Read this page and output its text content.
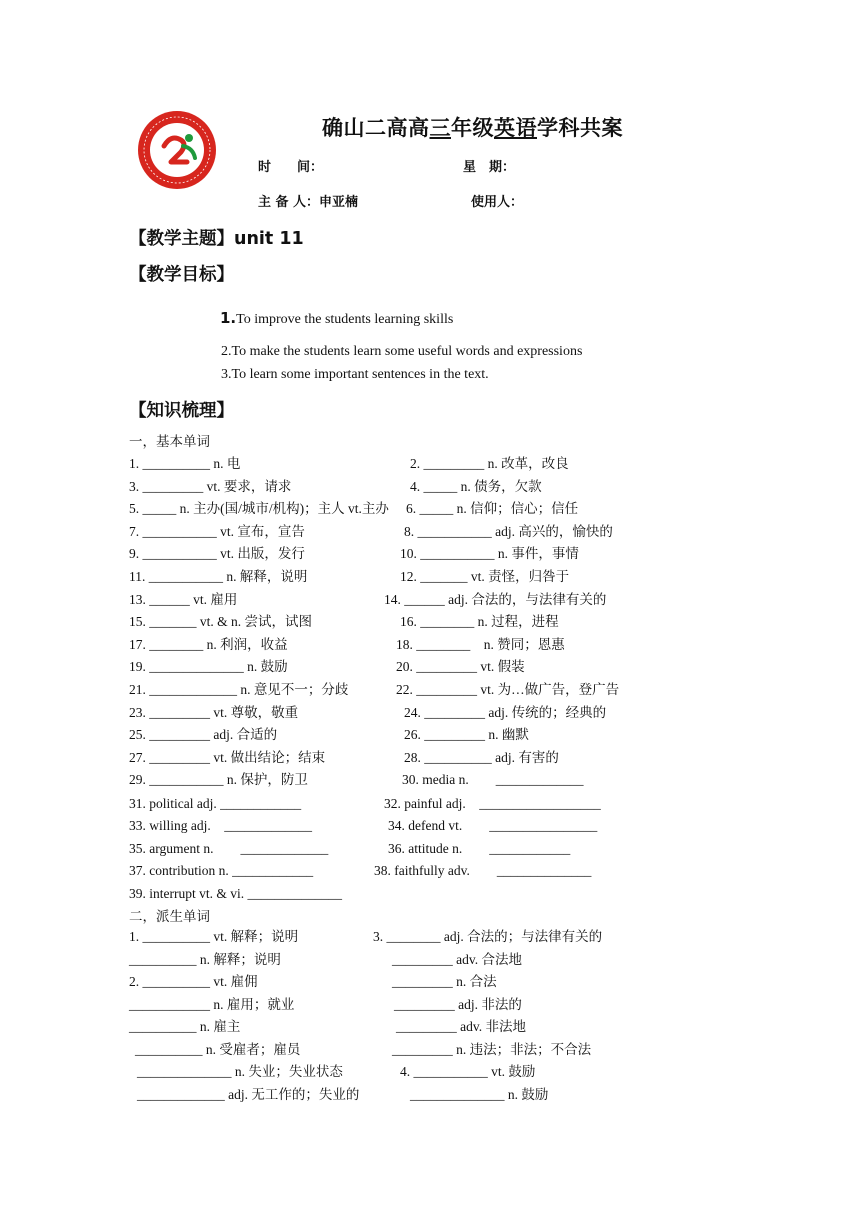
确山二高高三年级英语学科共案
时　　间：	星　期：
主 备 人：申亚楠	使用人：
【教学主题】unit 11
【教学目标】
1.To improve the students learning skills
2.To make the students learn some useful words and expressions
3.To learn some important sentences in the text.
【知识梳理】
一，基本单词
1. __________ n. 电	2. _________ n. 改革，改良
3. _________ vt. 要求，请求	4. _____ n. 债务，欠款
5. _____ n. 主办(国/城市/机构)；主人 vt.主办 6. _____ n. 信仰；信心；信任
7. ___________ vt. 宣布，宣告	8. ___________ adj. 高兴的，愉快的
9. ___________ vt. 出版，发行	10. ___________ n. 事件，事情
11. ___________ n. 解释，说明	12. _______ vt. 责怪，归咎于
13. ______ vt. 雇用	14. ______ adj. 合法的，与法律有关的
15. _______ vt. & n. 尝试，试图	16. ________ n. 过程，进程
17. ________ n. 利润，收益	18. ________　n. 赞同；恩惠
19. ______________ n. 鼓励	20. _________ vt. 假装
21. _____________ n. 意见不一；分歧	22. _________ vt. 为…做广告，登广告
23. _________ vt. 尊敬，敬重	24. _________ adj. 传统的；经典的
25. _________ adj. 合适的	26. _________ n. 幽默
27. _________ vt. 做出结论；结束	28. __________ adj. 有害的
29. ___________ n. 保护，防卫	30. media n.　　_____________
31. political adj. ____________	32. painful adj.　__________________
33. willing adj.　_____________	34. defend vt.　　________________
35. argument n.　　_____________	36. attitude n.　　____________
37. contribution n. ____________	38. faithfully adv.　　______________
39. interrupt vt. & vi. ______________
二，派生单词
1. __________ vt. 解释；说明	3. ________ adj. 合法的；与法律有关的
__________ n. 解释；说明	_________ adv. 合法地
2. __________ vt. 雇佣	_________ n. 合法
____________ n. 雇用；就业	_________ adj. 非法的
__________ n. 雇主	_________ adv. 非法地
__________ n. 受雇者；雇员	_________ n. 违法；非法；不合法
______________ n. 失业；失业状态	4. ___________ vt. 鼓励
_____________ adj. 无工作的；失业的	______________ n. 鼓励
